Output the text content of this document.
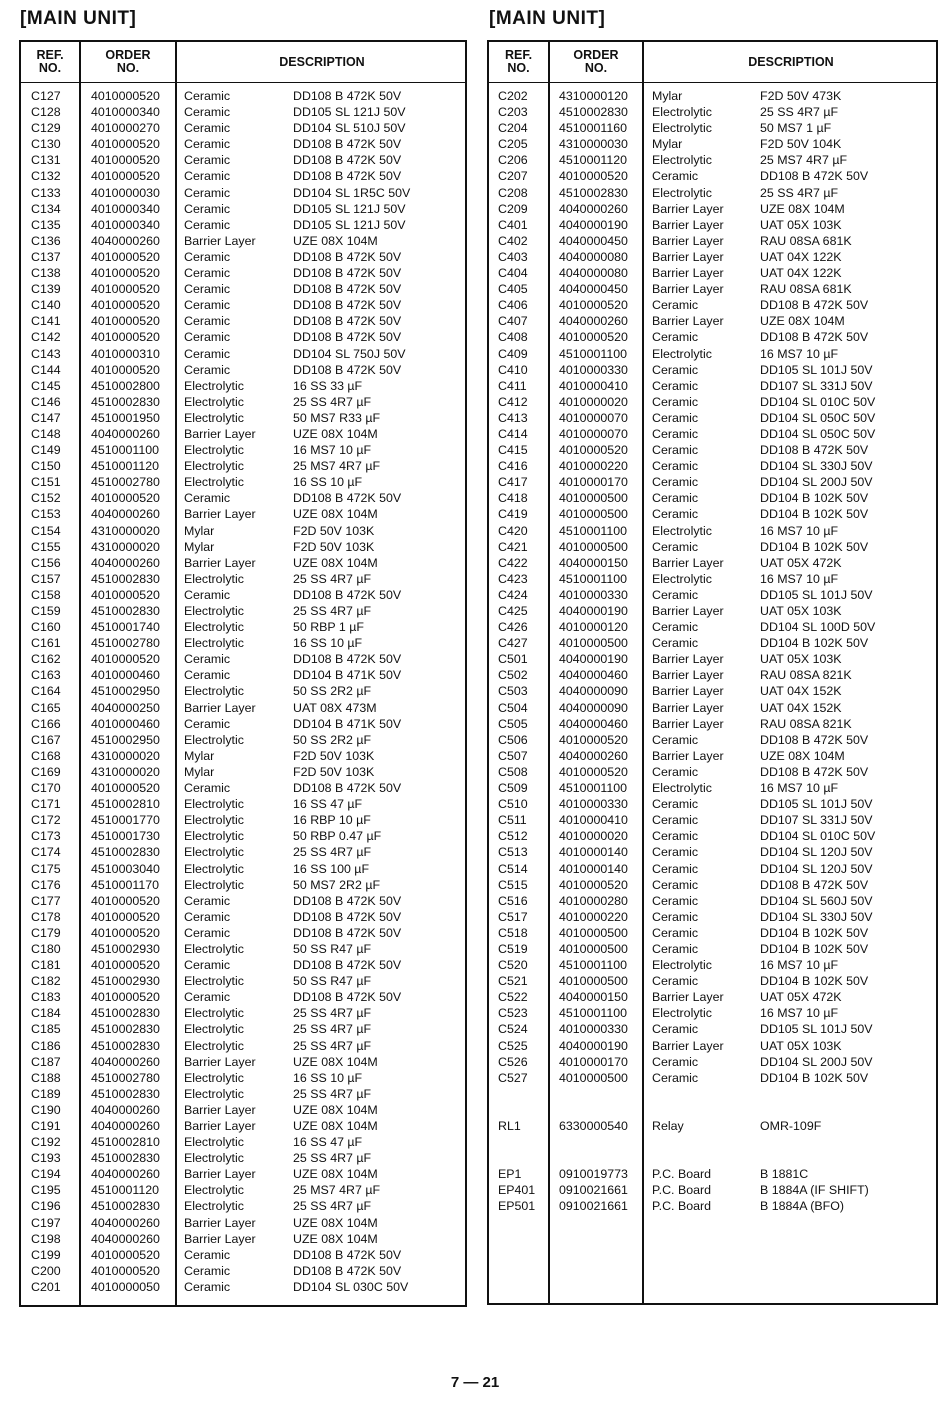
[MAIN UNIT]
REF.
NO.
ORDER
NO.	DESCRIPTION
C127 4010000520 Ceramic	DD108 B 472K 50V
C128 4010000340 Ceramic	DD105 SL 121J 50V
C129 4010000270 Ceramic	DD104 SL 510J 50V
C130 4010000520 Ceramic	DD108 B 472K 50V
C131 4010000520 Ceramic	DD108 B 472K 50V
C132 4010000520 Ceramic	DD108 B 472K 50V
C133 4010000030 Ceramic	DD104 SL 1R5C 50V
C134 4010000340 Ceramic	DD105 SL 121J 50V
C135 4010000340 Ceramic	DD105 SL 121J 50V
C136 4040000260 Barrier Layer	UZE 08X 104M
C137 4010000520 Ceramic	DD108 B 472K 50V
C138 4010000520 Ceramic	DD108 B 472K 50V
C139 4010000520 Ceramic	DD108 B 472K 50V
C140 4010000520 Ceramic	DD108 B 472K 50V
C141 4010000520 Ceramic	DD108 B 472K 50V
C142 4010000520 Ceramic	DD108 B 472K 50V
C143 4010000310 Ceramic	DD104 SL 750J 50V
C144 4010000520 Ceramic	DD108 B 472K 50V
C145 4510002800 Electrolytic	16 SS 33 µF
C146 4510002830 Electrolytic	25 SS 4R7 µF
C147 4510001950 Electrolytic	50 MS7 R33 µF
C148 4040000260 Barrier Layer	UZE 08X 104M
C149 4510001100 Electrolytic	16 MS7 10 µF
C150 4510001120 Electrolytic	25 MS7 4R7 µF
C151 4510002780 Electrolytic	16 SS 10 µF
C152 4010000520 Ceramic	DD108 B 472K 50V
C153 4040000260 Barrier Layer	UZE 08X 104M
C154 4310000020 Mylar	F2D 50V 103K
C155 4310000020 Mylar	F2D 50V 103K
C156 4040000260 Barrier Layer	UZE 08X 104M
C157 4510002830 Electrolytic	25 SS 4R7 µF
C158 4010000520 Ceramic	DD108 B 472K 50V
C159 4510002830 Electrolytic	25 SS 4R7 µF
C160 4510001740 Electrolytic	50 RBP 1 µF
C161 4510002780 Electrolytic	16 SS 10 µF
C162 4010000520 Ceramic	DD108 B 472K 50V
C163 4010000460 Ceramic	DD104 B 471K 50V
C164 4510002950 Electrolytic	50 SS 2R2 µF
C165 4040000250 Barrier Layer	UAT 08X 473M
C166 4010000460 Ceramic	DD104 B 471K 50V
C167 4510002950 Electrolytic	50 SS 2R2 µF
C168 4310000020 Mylar	F2D 50V 103K
C169 4310000020 Mylar	F2D 50V 103K
C170 4010000520 Ceramic	DD108 B 472K 50V
C171 4510002810 Electrolytic	16 SS 47 µF
C172 4510001770 Electrolytic	16 RBP 10 µF
C173 4510001730 Electrolytic	50 RBP 0.47 µF
C174 4510002830 Electrolytic	25 SS 4R7 µF
C175 4510003040 Electrolytic	16 SS 100 µF
C176 4510001170 Electrolytic	50 MS7 2R2 µF
C177 4010000520 Ceramic	DD108 B 472K 50V
C178 4010000520 Ceramic	DD108 B 472K 50V
C179 4010000520 Ceramic	DD108 B 472K 50V
C180 4510002930 Electrolytic	50 SS R47 µF
C181 4010000520 Ceramic	DD108 B 472K 50V
C182 4510002930 Electrolytic	50 SS R47 µF
C183 4010000520 Ceramic	DD108 B 472K 50V
C184 4510002830 Electrolytic	25 SS 4R7 µF
C185 4510002830 Electrolytic	25 SS 4R7 µF
C186 4510002830 Electrolytic	25 SS 4R7 µF
C187 4040000260 Barrier Layer	UZE 08X 104M
C188 4510002780 Electrolytic	16 SS 10 µF
C189 4510002830 Electrolytic	25 SS 4R7 µF
C190 4040000260 Barrier Layer	UZE 08X 104M
C191 4040000260 Barrier Layer	UZE 08X 104M
C192 4510002810 Electrolytic	16 SS 47 µF
C193 4510002830 Electrolytic	25 SS 4R7 µF
C194 4040000260 Barrier Layer	UZE 08X 104M
C195 4510001120 Electrolytic	25 MS7 4R7 µF
C196 4510002830 Electrolytic	25 SS 4R7 µF
C197 4040000260 Barrier Layer	UZE 08X 104M
C198 4040000260 Barrier Layer	UZE 08X 104M
C199 4010000520 Ceramic	DD108 B 472K 50V
C200 4010000520 Ceramic	DD108 B 472K 50V
C201 4010000050 Ceramic	DD104 SL 030C 50V
[MAIN UNIT]
REF.
NO.
ORDER
NO.	DESCRIPTION
C202	4310000120 Mylar	F2D 50V 473K
C203	4510002830 Electrolytic	25 SS 4R7 µF
C204	4510001160 Electrolytic	50 MS7 1 µF
C205	4310000030 Mylar	F2D 50V 104K
C206	4510001120 Electrolytic	25 MS7 4R7 µF
C207	4010000520 Ceramic	DD108 B 472K 50V
C208	4510002830 Electrolytic	25 SS 4R7 µF
C209	4040000260 Barrier Layer	UZE 08X 104M
C401	4040000190 Barrier Layer	UAT 05X 103K
C402	4040000450 Barrier Layer	RAU 08SA 681K
C403	4040000080 Barrier Layer	UAT 04X 122K
C404	4040000080 Barrier Layer	UAT 04X 122K
C405	4040000450 Barrier Layer	RAU 08SA 681K
C406	4010000520 Ceramic	DD108 B 472K 50V
C407	4040000260 Barrier Layer	UZE 08X 104M
C408	4010000520 Ceramic	DD108 B 472K 50V
C409	4510001100 Electrolytic	16 MS7 10 µF
C410	4010000330 Ceramic	DD105 SL 101J 50V
C411	4010000410 Ceramic	DD107 SL 331J 50V
C412	4010000020 Ceramic	DD104 SL 010C 50V
C413	4010000070 Ceramic	DD104 SL 050C 50V
C414	4010000070 Ceramic	DD104 SL 050C 50V
C415	4010000520 Ceramic	DD108 B 472K 50V
C416	4010000220 Ceramic	DD104 SL 330J 50V
C417	4010000170 Ceramic	DD104 SL 200J 50V
C418	4010000500 Ceramic	DD104 B 102K 50V
C419	4010000500 Ceramic	DD104 B 102K 50V
C420	4510001100 Electrolytic	16 MS7 10 µF
C421	4010000500 Ceramic	DD104 B 102K 50V
C422	4040000150 Barrier Layer	UAT 05X 472K
C423	4510001100 Electrolytic	16 MS7 10 µF
C424	4010000330 Ceramic	DD105 SL 101J 50V
C425	4040000190 Barrier Layer	UAT 05X 103K
C426	4010000120 Ceramic	DD104 SL 100D 50V
C427	4010000500 Ceramic	DD104 B 102K 50V
C501	4040000190 Barrier Layer	UAT 05X 103K
C502	4040000460 Barrier Layer	RAU 08SA 821K
C503	4040000090 Barrier Layer	UAT 04X 152K
C504	4040000090 Barrier Layer	UAT 04X 152K
C505	4040000460 Barrier Layer	RAU 08SA 821K
C506	4010000520 Ceramic	DD108 B 472K 50V
C507	4040000260 Barrier Layer	UZE 08X 104M
C508	4010000520 Ceramic	DD108 B 472K 50V
C509	4510001100 Electrolytic	16 MS7 10 µF
C510	4010000330 Ceramic	DD105 SL 101J 50V
C511	4010000410 Ceramic	DD107 SL 331J 50V
C512	4010000020 Ceramic	DD104 SL 010C 50V
C513	4010000140 Ceramic	DD104 SL 120J 50V
C514	4010000140 Ceramic	DD104 SL 120J 50V
C515	4010000520 Ceramic	DD108 B 472K 50V
C516	4010000280 Ceramic	DD104 SL 560J 50V
C517	4010000220 Ceramic	DD104 SL 330J 50V
C518	4010000500 Ceramic	DD104 B 102K 50V
C519	4010000500 Ceramic	DD104 B 102K 50V
C520	4510001100 Electrolytic	16 MS7 10 µF
C521	4010000500 Ceramic	DD104 B 102K 50V
C522	4040000150 Barrier Layer	UAT 05X 472K
C523	4510001100 Electrolytic	16 MS7 10 µF
C524	4010000330 Ceramic	DD105 SL 101J 50V
C525	4040000190 Barrier Layer	UAT 05X 103K
C526	4010000170 Ceramic	DD104 SL 200J 50V
C527	4010000500 Ceramic	DD104 B 102K 50V
RL1	6330000540 Relay	OMR-109F
EP1	0910019773 P.C. Board	B 1881C
EP401 0910021661 P.C. Board	B 1884A (IF SHIFT)
EP501 0910021661 P.C. Board	B 1884A (BFO)
7 — 21
